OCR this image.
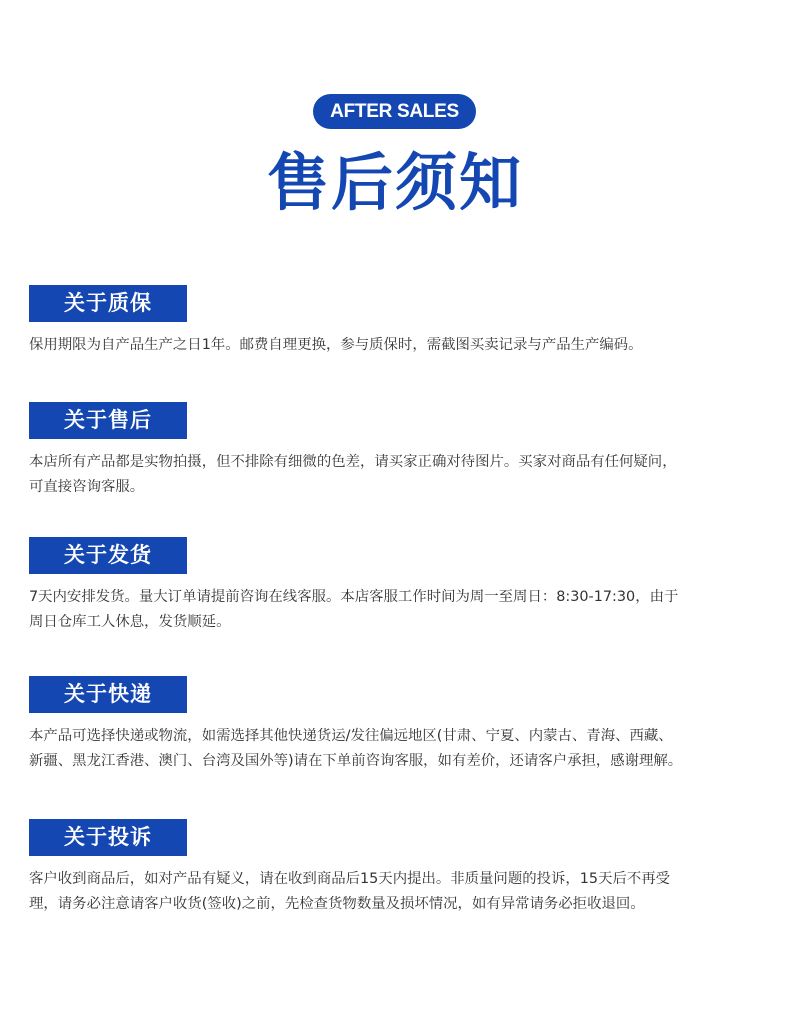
AFTER SALES
售后须知
关于质保
保用期限为自产品生产之日1年。邮费自理更换，参与质保时，需截图买卖记录与产品生产编码。
关于售后
本店所有产品都是实物拍摄，但不排除有细微的色差，请买家正确对待图片。买家对商品有任何疑问，
可直接咨询客服。
关于发货
7天内安排发货。量大订单请提前咨询在线客服。本店客服工作时间为周一至周日：8:30-17:30，由于
周日仓库工人休息，发货顺延。
关于快递
本产品可选择快递或物流，如需选择其他快递货运/发往偏远地区(甘肃、宁夏、内蒙古、青海、西藏、
新疆、黑龙江香港、澳门、台湾及国外等)请在下单前咨询客服，如有差价，还请客户承担，感谢理解。
关于投诉
客户收到商品后，如对产品有疑义，请在收到商品后15天内提出。非质量问题的投诉，15天后不再受
理，请务必注意请客户收货(签收)之前，先检查货物数量及损坏情况，如有异常请务必拒收退回。
